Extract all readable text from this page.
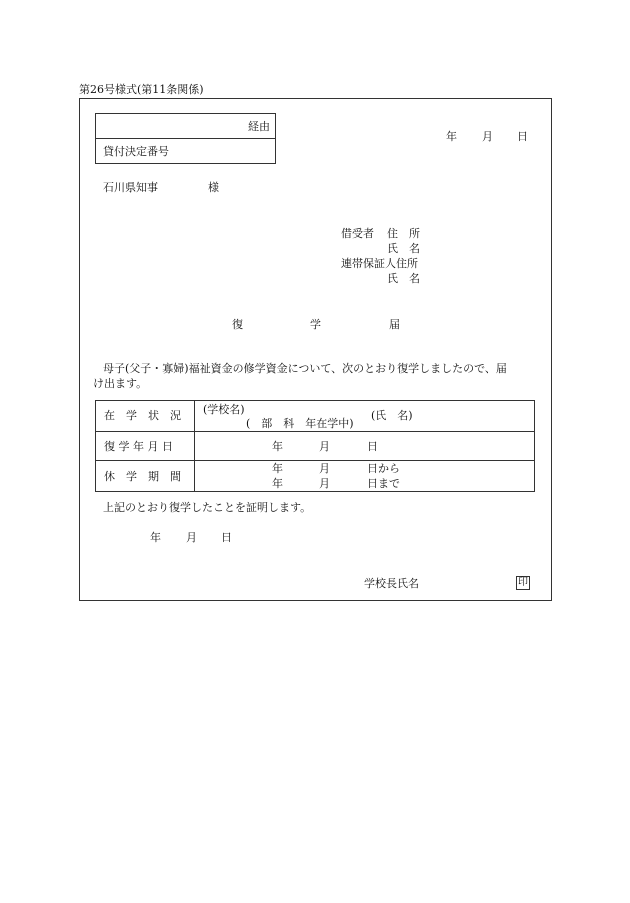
第26号様式(第11条関係)
経由
貸付決定番号
年 月 日
石川県知事	様
借受者 住　所
氏　名
連帯保証人住所
氏　名
復	学	届
母子(父子・寡婦)福祉資金の修学資金について、次のとおり復学しましたので、届
け出ます。
在　学　状　況 (学校名)
(　部　科　年在学中)
(氏　名)
復 学 年 月 日	年	月	日
休　学　期　間
年	月	日から
年	月	日まで
上記のとおり復学したことを証明します。
年 月 日
学校長氏名	印
